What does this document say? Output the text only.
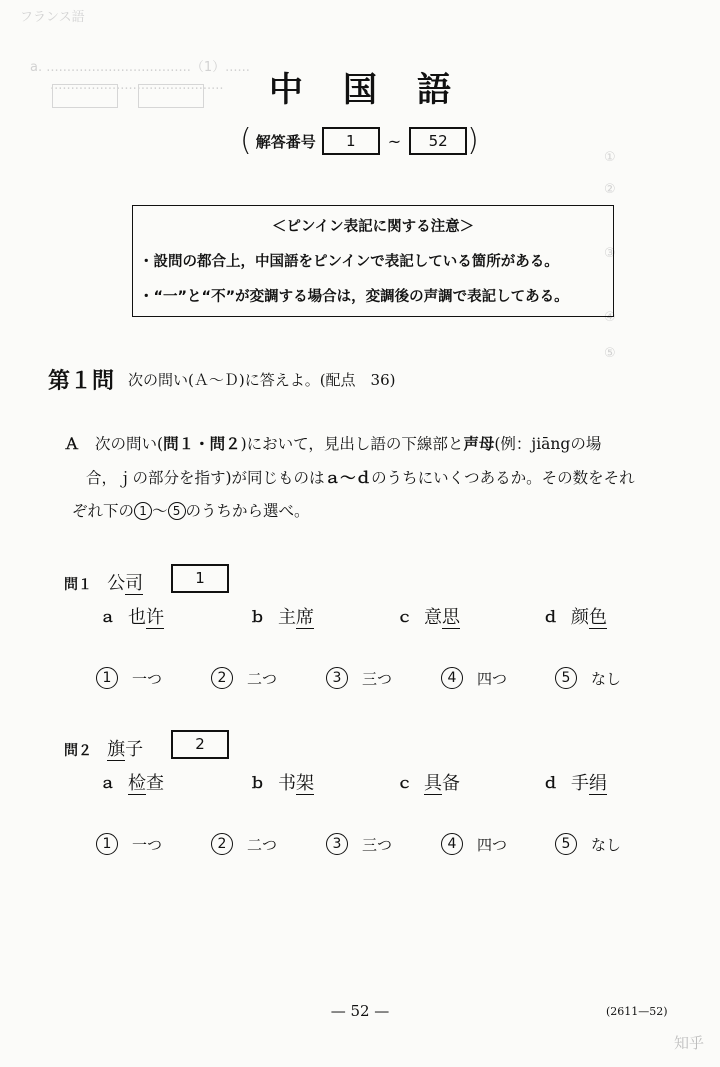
フランス語
a. ...................................（1）......
..........................................
①
②
③
④
⑤
中国語
( 解答番号	1	~	52 )
＜ピンイン表記に関する注意＞
・設問の都合上，中国語をピンインで表記している箇所がある。
・“一”と“不”が変調する場合は，変調後の声調で表記してある。
第１問 次の問い(Ａ～Ｄ)に答えよ。(配点　36)
Ａ　 次の問い(問１・問２)において，見出し語の下線部と声母(例：jiāngの場
合，ｊの部分を指す)が同じものはａ～ｄのうちにいくつあるか。その数をそれ
ぞれ下の 1 ～ 5 のうちから選べ。
問１ 公司	1
ａ 也许	ｂ 主席	ｃ 意思	ｄ 颜色
1	一つ	2	二つ	3	三つ	4	四つ	5	なし
問２ 旗子	2
ａ 检查	ｂ 书架	ｃ 具备	ｄ 手绢
1	一つ	2	二つ	3	三つ	4	四つ	5	なし
— 52 —	(2611—52)
知乎
